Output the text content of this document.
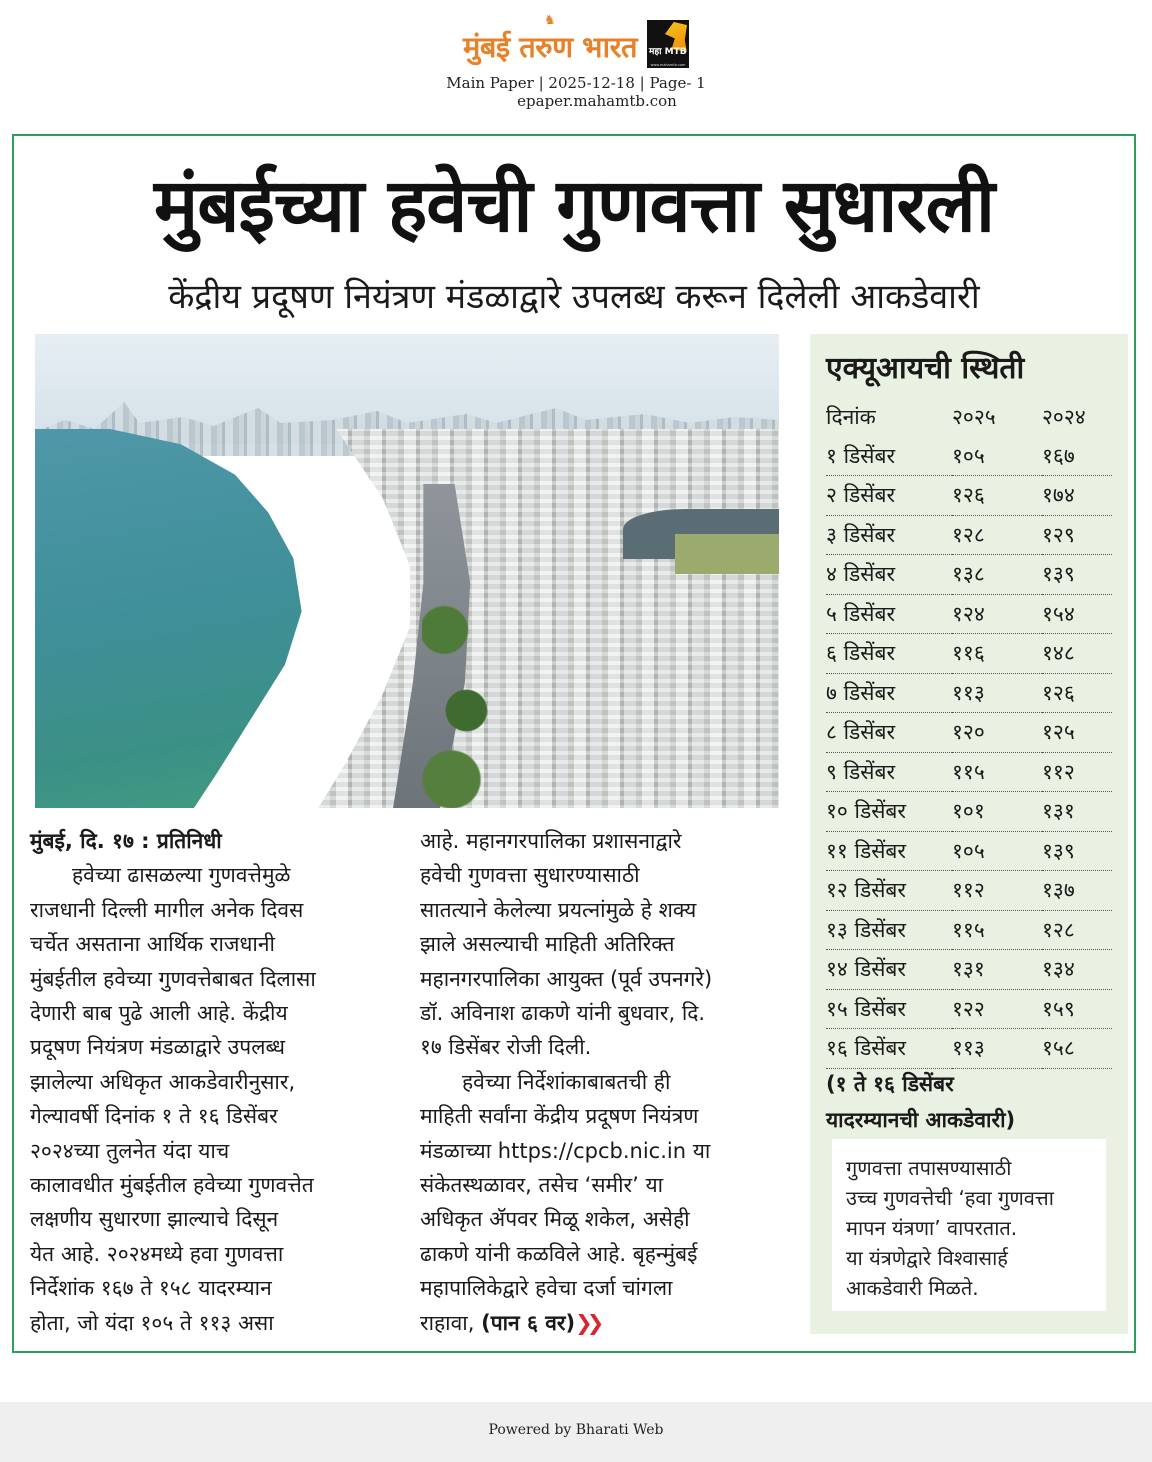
♞
मुंबई तरुण भारत महा MTB
www.mahamtb.com
Main Paper | 2025-12-18 | Page- 1
epaper.mahamtb.con
मुंबईच्या हवेची गुणवत्ता सुधारली
केंद्रीय प्रदूषण नियंत्रण मंडळाद्वारे उपलब्ध करून दिलेली आकडेवारी

मुंबई, दि. १७ : प्रतिनिधी

हवेच्या ढासळल्या गुणवत्तेमुळे
राजधानी दिल्ली मागील अनेक दिवस
चर्चेत असताना आर्थिक राजधानी
मुंबईतील हवेच्या गुणवत्तेबाबत दिलासा
देणारी बाब पुढे आली आहे. केंद्रीय
प्रदूषण नियंत्रण मंडळाद्वारे उपलब्ध
झालेल्या अधिकृत आकडेवारीनुसार,
गेल्यावर्षी दिनांक १ ते १६ डिसेंबर
२०२४च्या तुलनेत यंदा याच
कालावधीत मुंबईतील हवेच्या गुणवत्तेत
लक्षणीय सुधारणा झाल्याचे दिसून
येत आहे. २०२४मध्ये हवा गुणवत्ता
निर्देशांक १६७ ते १५८ यादरम्यान
होता, जो यंदा १०५ ते ११३ असा

आहे. महानगरपालिका प्रशासनाद्वारे
हवेची गुणवत्ता सुधारण्यासाठी
सातत्याने केलेल्या प्रयत्नांमुळे हे शक्य
झाले असल्याची माहिती अतिरिक्त
महानगरपालिका आयुक्त (पूर्व उपनगरे)
डॉ. अविनाश ढाकणे यांनी बुधवार, दि.
१७ डिसेंबर रोजी दिली.

हवेच्या निर्देशांकाबाबतची ही
माहिती सर्वांना केंद्रीय प्रदूषण नियंत्रण
मंडळाच्या https://cpcb.nic.in या
संकेतस्थळावर, तसेच ‘समीर’ या
अधिकृत ॲपवर मिळू शकेल, असेही
ढाकणे यांनी कळविले आहे. बृहन्मुंबई
महापालिकेद्वारे हवेचा दर्जा चांगला
राहावा, (पान ६ वर)❯❯

एक्यूआयची स्थिती
दिनांक	२०२५	२०२४
१ डिसेंबर	१०५	१६७
२ डिसेंबर	१२६	१७४
३ डिसेंबर	१२८	१२९
४ डिसेंबर	१३८	१३९
५ डिसेंबर	१२४	१५४
६ डिसेंबर	११६	१४८
७ डिसेंबर	११३	१२६
८ डिसेंबर	१२०	१२५
९ डिसेंबर	११५	११२
१० डिसेंबर	१०१	१३१
११ डिसेंबर	१०५	१३९
१२ डिसेंबर	११२	१३७
१३ डिसेंबर	११५	१२८
१४ डिसेंबर	१३१	१३४
१५ डिसेंबर	१२२	१५९
१६ डिसेंबर	११३	१५८
(१ ते १६ डिसेंबर
यादरम्यानची आकडेवारी)
गुणवत्ता तपासण्यासाठी
उच्च गुणवत्तेची ‘हवा गुणवत्ता
मापन यंत्रणा’ वापरतात.
या यंत्रणेद्वारे विश्वासार्ह
आकडेवारी मिळते.
Powered by Bharati Web
